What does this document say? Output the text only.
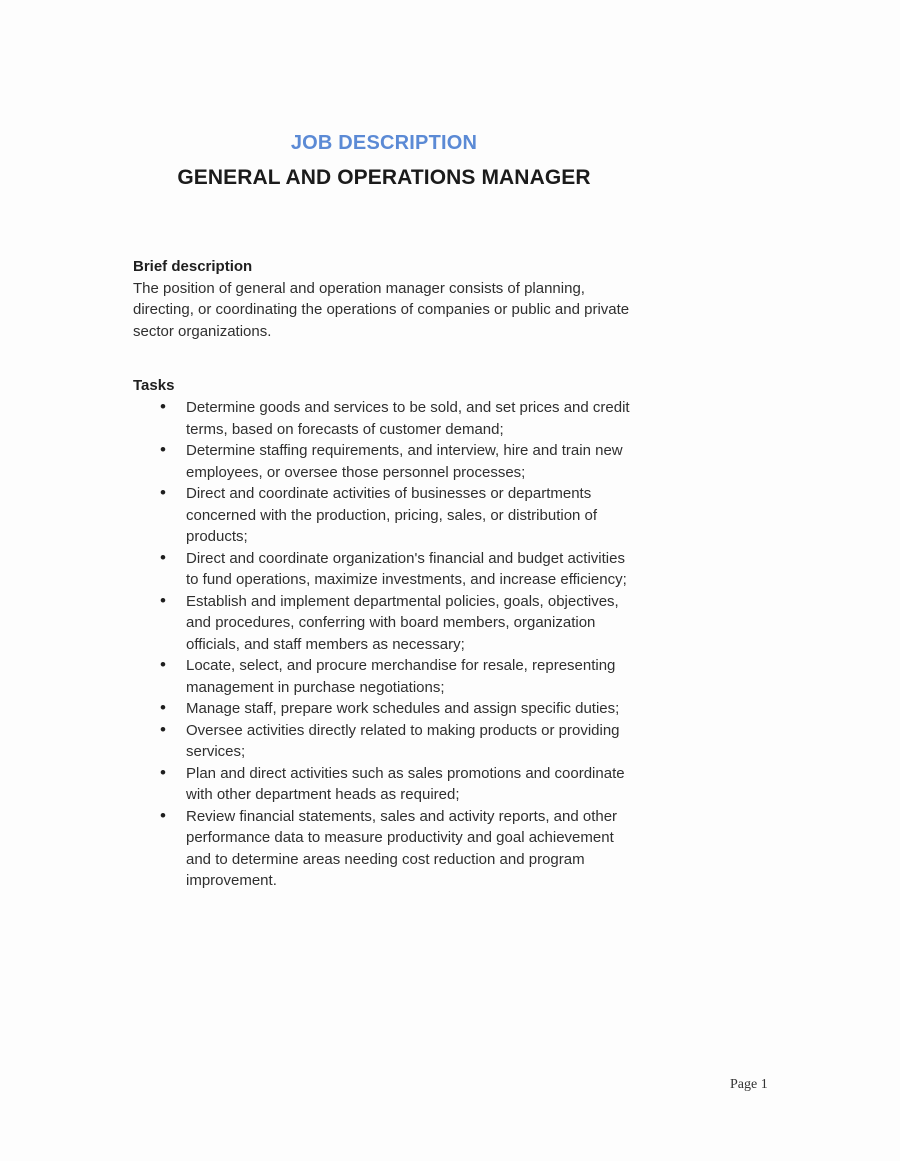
JOB DESCRIPTION
GENERAL AND OPERATIONS MANAGER
Brief description

The position of general and operation manager consists of planning, directing, or coordinating the operations of companies or public and private sector organizations.

Tasks
• Determine goods and services to be sold, and set prices and credit terms, based on forecasts of customer demand;
• Determine staffing requirements, and interview, hire and train new employees, or oversee those personnel processes;
• Direct and coordinate activities of businesses or departments concerned with the production, pricing, sales, or distribution of products;
• Direct and coordinate organization's financial and budget activities to fund operations, maximize investments, and increase efficiency;
• Establish and implement departmental policies, goals, objectives, and procedures, conferring with board members, organization officials, and staff members as necessary;
• Locate, select, and procure merchandise for resale, representing management in purchase negotiations;
• Manage staff, prepare work schedules and assign specific duties;
• Oversee activities directly related to making products or providing services;
• Plan and direct activities such as sales promotions and coordinate with other department heads as required;
• Review financial statements, sales and activity reports, and other performance data to measure productivity and goal achievement and to determine areas needing cost reduction and program improvement.
Page 1
